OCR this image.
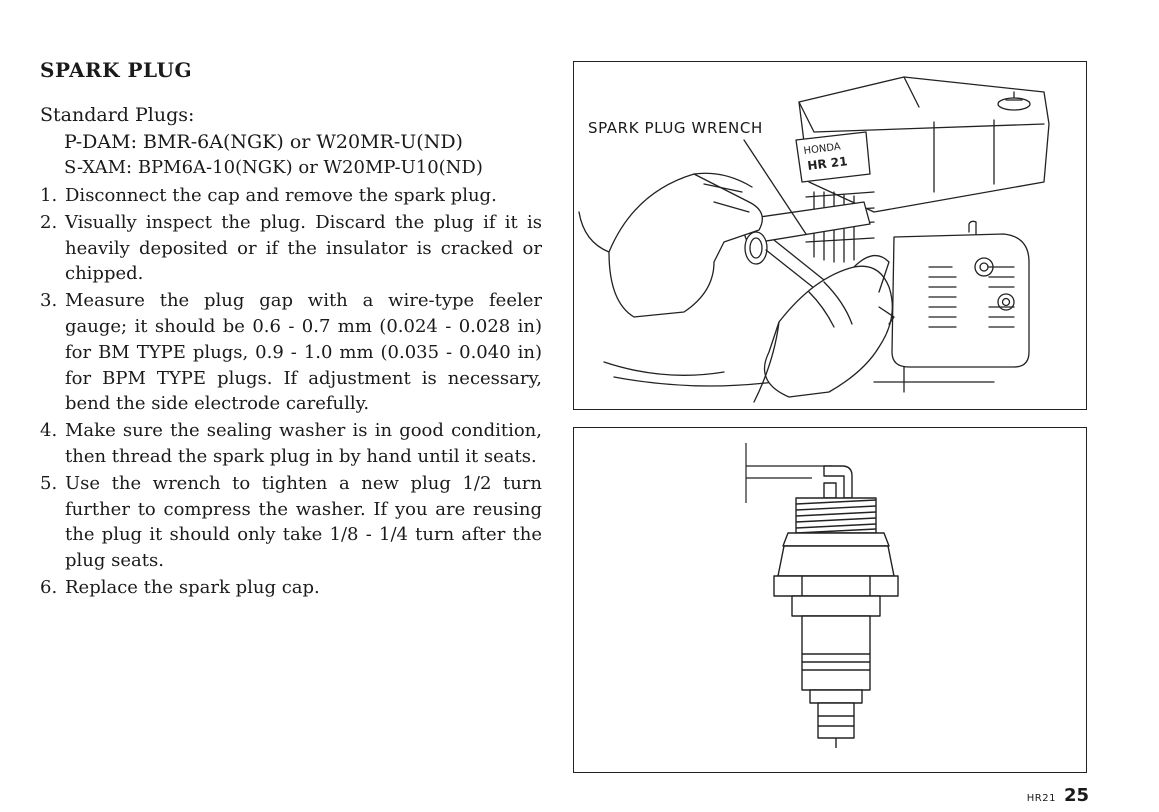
SPARK PLUG
Standard Plugs:
P-DAM: BMR-6A(NGK) or W20MR-U(ND)
S-XAM: BPM6A-10(NGK) or W20MP-U10(ND)
1. Disconnect the cap and remove the spark plug.
2. Visually inspect the plug. Discard the plug if it is heavily deposited or if the insulator is cracked or chipped.
3. Measure the plug gap with a wire-type feeler gauge; it should be 0.6 - 0.7 mm (0.024 - 0.028 in) for BM TYPE plugs, 0.9 - 1.0 mm (0.035 - 0.040 in) for BPM TYPE plugs. If adjustment is necessary, bend the side electrode carefully.
4. Make sure the sealing washer is in good condition, then thread the spark plug in by hand until it seats.
5. Use the wrench to tighten a new plug 1/2 turn further to compress the washer. If you are reusing the plug it should only take 1/8 - 1/4 turn after the plug seats.
6. Replace the spark plug cap.
HONDA
HR 21
SPARK PLUG WRENCH
HR21 25
